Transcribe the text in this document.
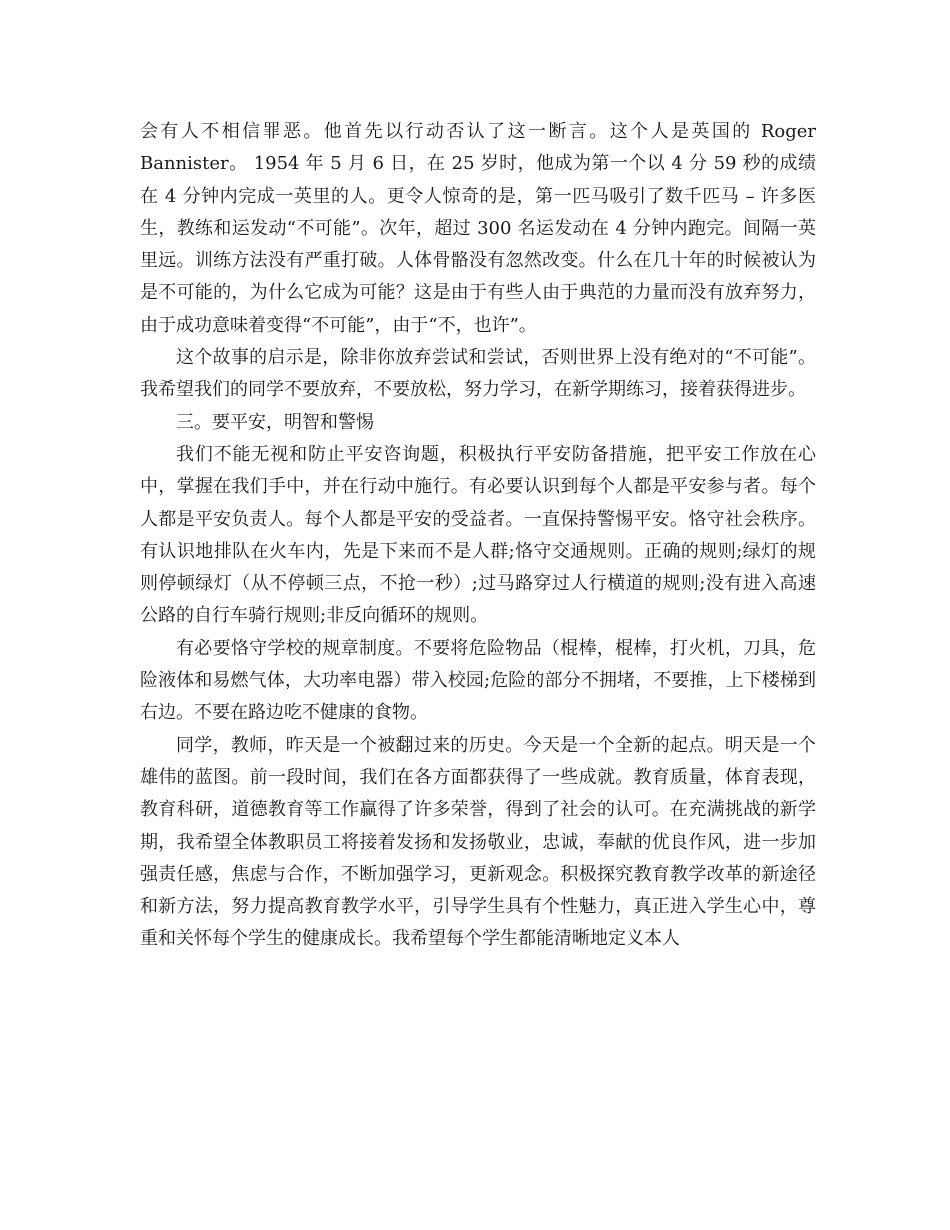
会有人不相信罪恶。他首先以行动否认了这一断言。这个人是英国的 Roger Bannister。 1954 年 5 月 6 日，在 25 岁时，他成为第一个以 4 分 59 秒的成绩在 4 分钟内完成一英里的人。更令人惊奇的是，第一匹马吸引了数千匹马 – 许多医生，教练和运发动“不可能”。次年，超过 300 名运发动在 4 分钟内跑完。间隔一英里远。训练方法没有严重打破。人体骨骼没有忽然改变。什么在几十年的时候被认为是不可能的，为什么它成为可能？这是由于有些人由于典范的力量而没有放弃努力，由于成功意味着变得“不可能”，由于“不，也许”。

这个故事的启示是，除非你放弃尝试和尝试，否则世界上没有绝对的“不可能”。我希望我们的同学不要放弃，不要放松，努力学习，在新学期练习，接着获得进步。

三。要平安，明智和警惕

我们不能无视和防止平安咨询题，积极执行平安防备措施，把平安工作放在心中，掌握在我们手中，并在行动中施行。有必要认识到每个人都是平安参与者。每个人都是平安负责人。每个人都是平安的受益者。一直保持警惕平安。恪守社会秩序。有认识地排队在火车内，先是下来而不是人群;恪守交通规则。正确的规则;绿灯的规则停顿绿灯（从不停顿三点，不抢一秒）;过马路穿过人行横道的规则;没有进入高速公路的自行车骑行规则;非反向循环的规则。

有必要恪守学校的规章制度。不要将危险物品（棍棒，棍棒，打火机，刀具，危险液体和易燃气体，大功率电器）带入校园;危险的部分不拥堵，不要推，上下楼梯到右边。不要在路边吃不健康的食物。

同学，教师，昨天是一个被翻过来的历史。今天是一个全新的起点。明天是一个雄伟的蓝图。前一段时间，我们在各方面都获得了一些成就。教育质量，体育表现，教育科研，道德教育等工作赢得了许多荣誉，得到了社会的认可。在充满挑战的新学期，我希望全体教职员工将接着发扬和发扬敬业，忠诚，奉献的优良作风，进一步加强责任感，焦虑与合作，不断加强学习，更新观念。积极探究教育教学改革的新途径和新方法，努力提高教育教学水平，引导学生具有个性魅力，真正进入学生心中，尊重和关怀每个学生的健康成长。我希望每个学生都能清晰地定义本人
